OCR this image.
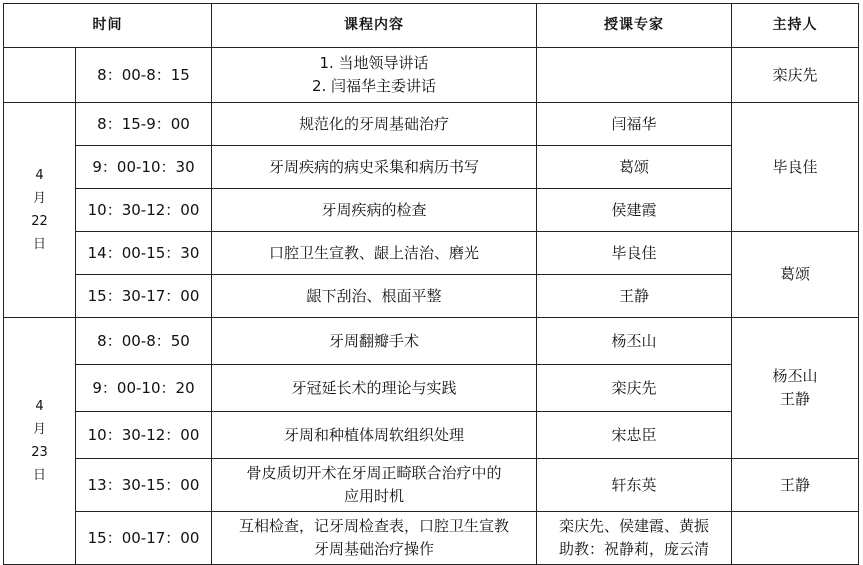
时间		课程内容	授课专家	主持人
	8：00-8：15	1. 当地领导讲话
2. 闫福华主委讲话		栾庆先

4
月
22
日	8：15-9：00	规范化的牙周基础治疗	闫福华	毕良佳
	9：00-10：30	牙周疾病的病史采集和病历书写	葛颂	
	10：30-12：00	牙周疾病的检查	侯建霞	
	14：00-15：30	口腔卫生宣教、龈上洁治、磨光	毕良佳	葛颂
	15：30-17：00	龈下刮治、根面平整	王静	

4
月
23
日	8：00-8：50	牙周翻瓣手术	杨丕山	杨丕山
王静

	9：00-10：20	牙冠延长术的理论与实践	栾庆先	
	10：30-12：00	牙周和种植体周软组织处理	宋忠臣	
	13：30-15：00	骨皮质切开术在牙周正畸联合治疗中的
应用时机	轩东英	王静
	15：00-17：00	互相检查，记牙周检查表，口腔卫生宣教
牙周基础治疗操作	栾庆先、侯建霞、黄振
助教：祝静莉，庞云清	
